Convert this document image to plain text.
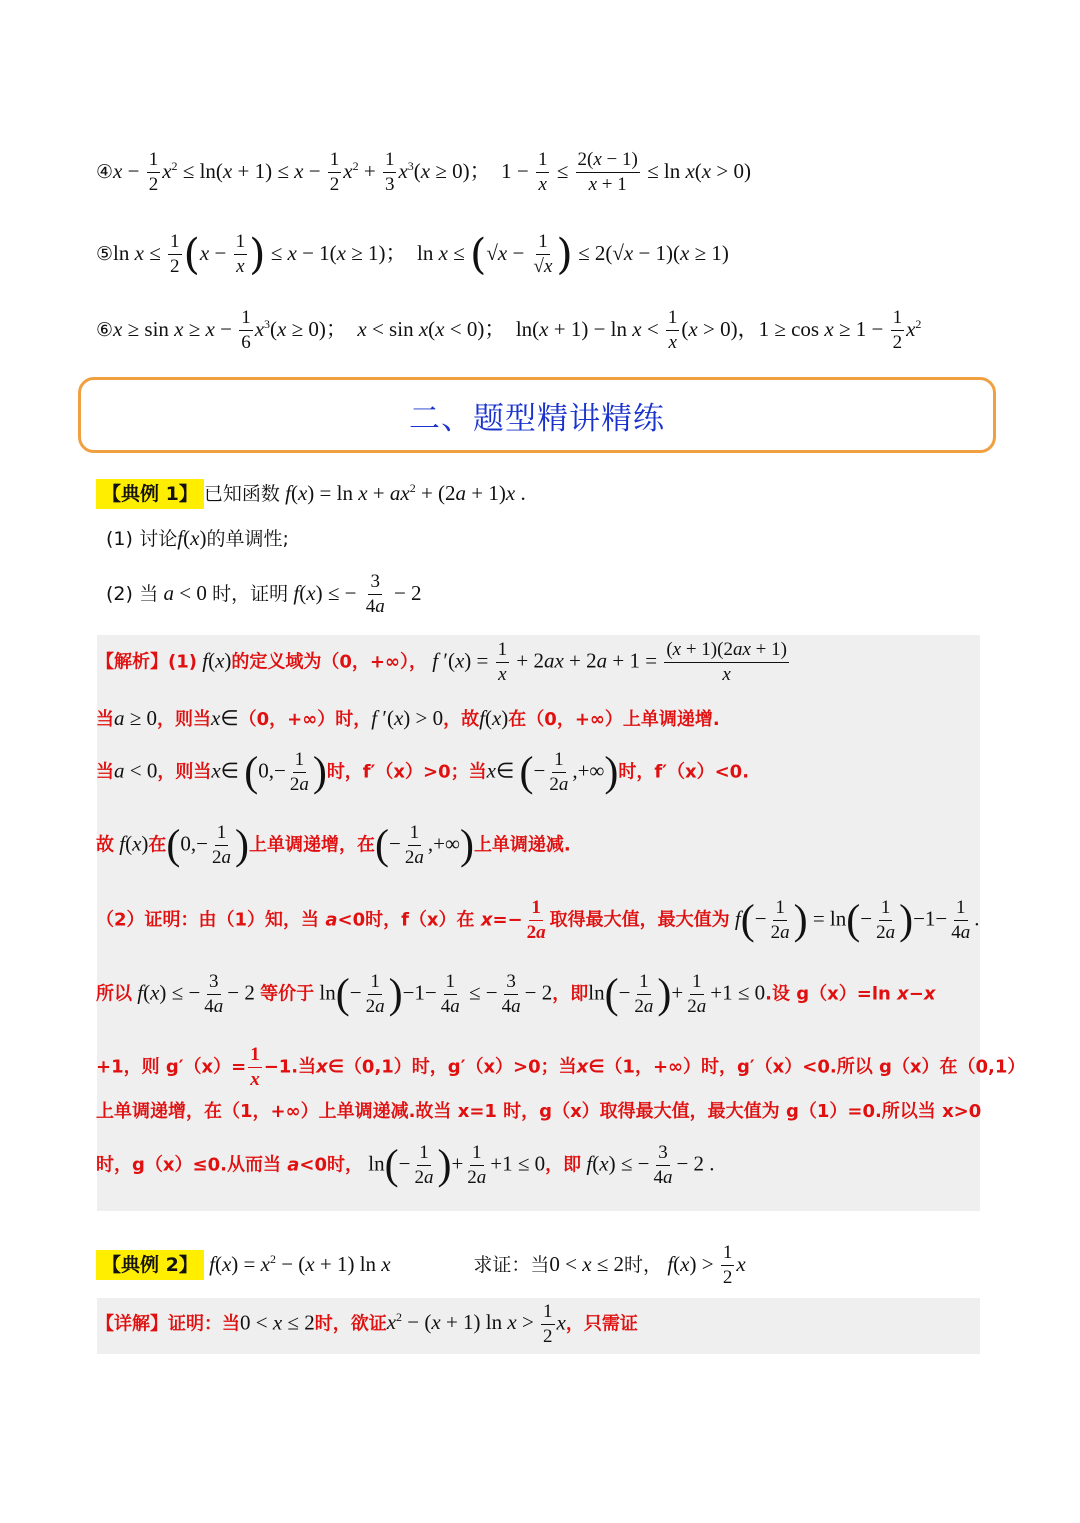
④x − $\frac{1}{2} x^2 \le \ln(x + 1) \le x - \frac{1}{2} x^2 + \frac{1}{3} x^3(x \ge 0)$；  $1 - \frac{1}{x} \le \frac{2(x - 1)}{x + 1} \le \ln x(x > 0)$
⑤ln $x \le \frac{1}{2} (x - \frac{1}{x}$ ) ≤ x − 1(x ≥ 1)；  $\ln x \le (√x - \frac{1}{√x}$ ) ≤ 2(√x − 1)(x ≥ 1)
⑥x ≥ $\sin x \ge x - \frac{1}{6} x^3(x \ge 0)$；  x < sin x(x < 0)；  $\ln(x + 1) - \ln x < \frac{1}{x} (x > 0)$，$1 \ge \cos x \ge 1 - \frac{1}{2} x^2$
二、题型精讲精练
【典例 1】 已知函数 $f(x) = \ln x + ax^2 + (2a + 1)x$ .
(1) 讨论f(x)的单调性;
(2) 当 a < 0 时，证明 f(x) ≤ − $\frac{3}{4a} - 2$
【解析】(1) f(x)的定义域为（0，+∞）， f $'(x) = \frac{1}{x} + 2ax + 2a + 1 = \frac{(x + 1)(2ax + 1)}{x}$
当a ≥ 0，则当x∈（0，+∞）时，f ′(x) > 0，故f(x)在（0，+∞）上单调递增.
当a < 0，则当x∈ ($0,- \frac{1}{2a}$ )时，f′（x）>0；当x∈ (− $\frac{1}{2a}$ ,+∞)时，f′（x）<0.
故 f(x)在($0,- \frac{1}{2a}$ )上单调递增，在(− $\frac{1}{2a}$ ,+∞)上单调递减.
（2）证明：由（1）知，当 a<0时，f（x）在 $x=- \frac{1}{2a}$ 取得最大值，最大值为 $f(- \frac{1}{2a}$ ) = $\ln(- \frac{1}{2a} )-1- \frac{1}{4a}$ .
所以 f(x) ≤ − $\frac{3}{4a} - 2$ 等价于 $\ln(- \frac{1}{2a} )-1- \frac{1}{4a}$ ≤ − $\frac{3}{4a} - 2$，即$\ln(- \frac{1}{2a}$ )+ $\frac{1}{2a} +1 \le 0$.设 g（x）=ln x−x
+1，则 $g'(x)= \frac{1}{x} -1$.当x∈（0,1）时，g′（x）>0；当x∈（1，+∞）时，g′（x）<0.所以 g（x）在（0,1）
上单调递增，在（1，+∞）上单调递减.故当 x=1 时，g（x）取得最大值，最大值为 g（1）=0.所以当 x>0
时，g（x）≤0.从而当 a<0时， $\ln(- \frac{1}{2a}$ )+ $\frac{1}{2a} +1 \le 0$，即 f(x) ≤ − $\frac{3}{4a} - 2$ .
【典例 2】 $f(x) = x^2 - (x + 1)$ ln x	求证：当0 < x ≤ 2时， $f(x) > \frac{1}{2}$ x
【详解】证明：当0 < x ≤ 2时，欲证$x^2 - (x + 1)$ $\ln x > \frac{1}{2}$ x，只需证
